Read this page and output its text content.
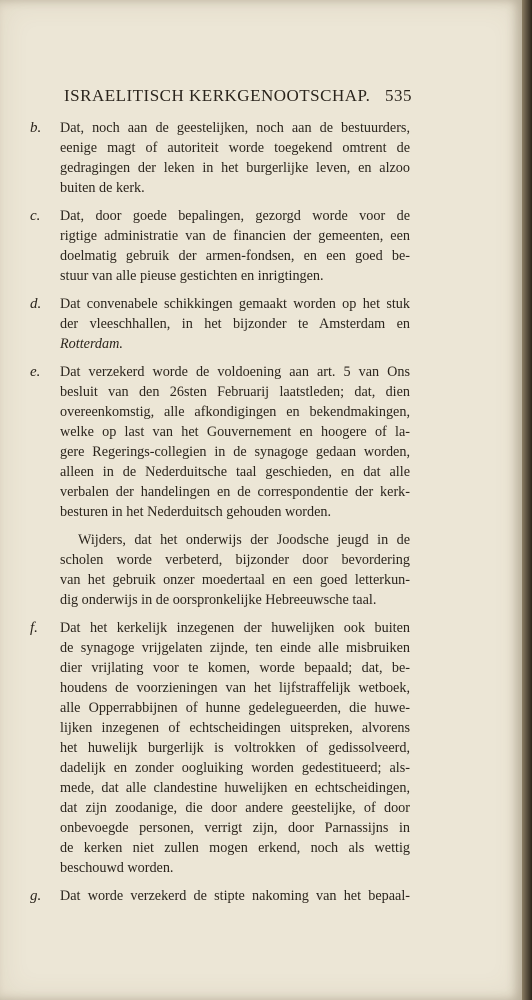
ISRAELITISCH KERKGENOOTSCHAP. 535
b. Dat, noch aan de geestelijken, noch aan de bestuurders,
eenige magt of autoriteit worde toegekend omtrent de
gedragingen der leken in het burgerlijke leven, en alzoo
buiten de kerk.
c. Dat, door goede bepalingen, gezorgd worde voor de
rigtige administratie van de financien der gemeenten, een
doelmatig gebruik der armen-fondsen, en een goed be-
stuur van alle pieuse gestichten en inrigtingen.
d. Dat convenabele schikkingen gemaakt worden op het stuk
der vleeschhallen, in het bijzonder te Amsterdam en
Rotterdam.
e. Dat verzekerd worde de voldoening aan art. 5 van Ons
besluit van den 26sten Februarij laatstleden; dat, dien
overeenkomstig, alle afkondigingen en bekendmakingen,
welke op last van het Gouvernement en hoogere of la-
gere Regerings-collegien in de synagoge gedaan worden,
alleen in de Nederduitsche taal geschieden, en dat alle
verbalen der handelingen en de correspondentie der kerk-
besturen in het Nederduitsch gehouden worden.
Wijders, dat het onderwijs der Joodsche jeugd in de
scholen worde verbeterd, bijzonder door bevordering
van het gebruik onzer moedertaal en een goed letterkun-
dig onderwijs in de oorspronkelijke Hebreeuwsche taal.
f. Dat het kerkelijk inzegenen der huwelijken ook buiten
de synagoge vrijgelaten zijnde, ten einde alle misbruiken
dier vrijlating voor te komen, worde bepaald; dat, be-
houdens de voorzieningen van het lijfstraffelijk wetboek,
alle Opperrabbijnen of hunne gedelegueerden, die huwe-
lijken inzegenen of echtscheidingen uitspreken, alvorens
het huwelijk burgerlijk is voltrokken of gedissolveerd,
dadelijk en zonder oogluiking worden gedestitueerd; als-
mede, dat alle clandestine huwelijken en echtscheidingen,
dat zijn zoodanige, die door andere geestelijke, of door
onbevoegde personen, verrigt zijn, door Parnassijns in
de kerken niet zullen mogen erkend, noch als wettig
beschouwd worden.
g. Dat worde verzekerd de stipte nakoming van het bepaal-
